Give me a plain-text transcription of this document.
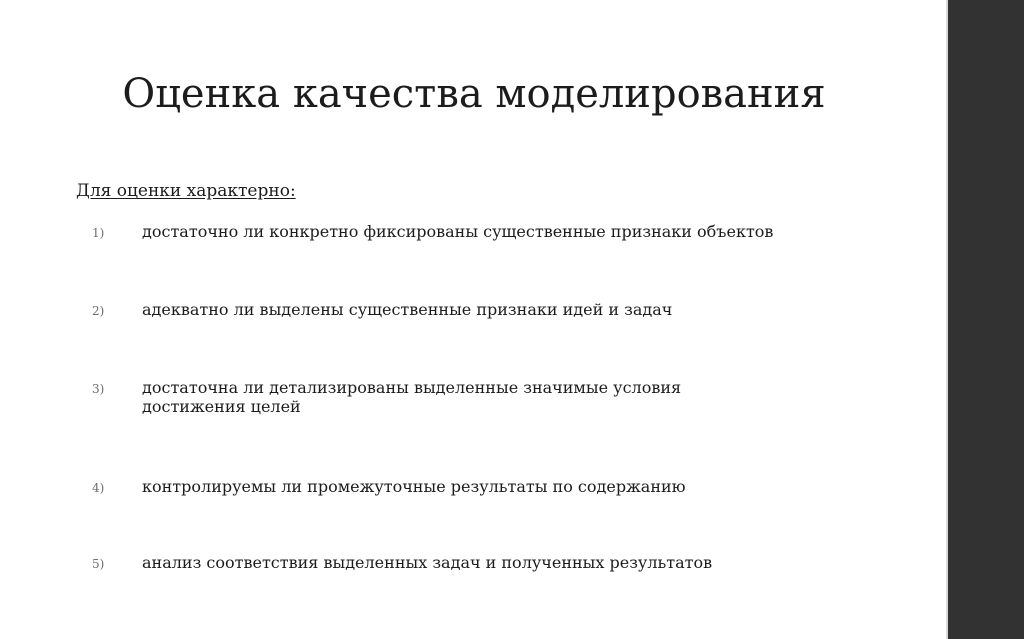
Оценка качества моделирования
Для оценки характерно:
1) достаточно ли конкретно фиксированы существенные признаки объектов
2) адекватно ли выделены существенные признаки идей и задач
3) достаточна ли детализированы выделенные значимые условия достижения целей
4) контролируемы ли промежуточные результаты по содержанию
5) анализ соответствия выделенных задач и полученных результатов
